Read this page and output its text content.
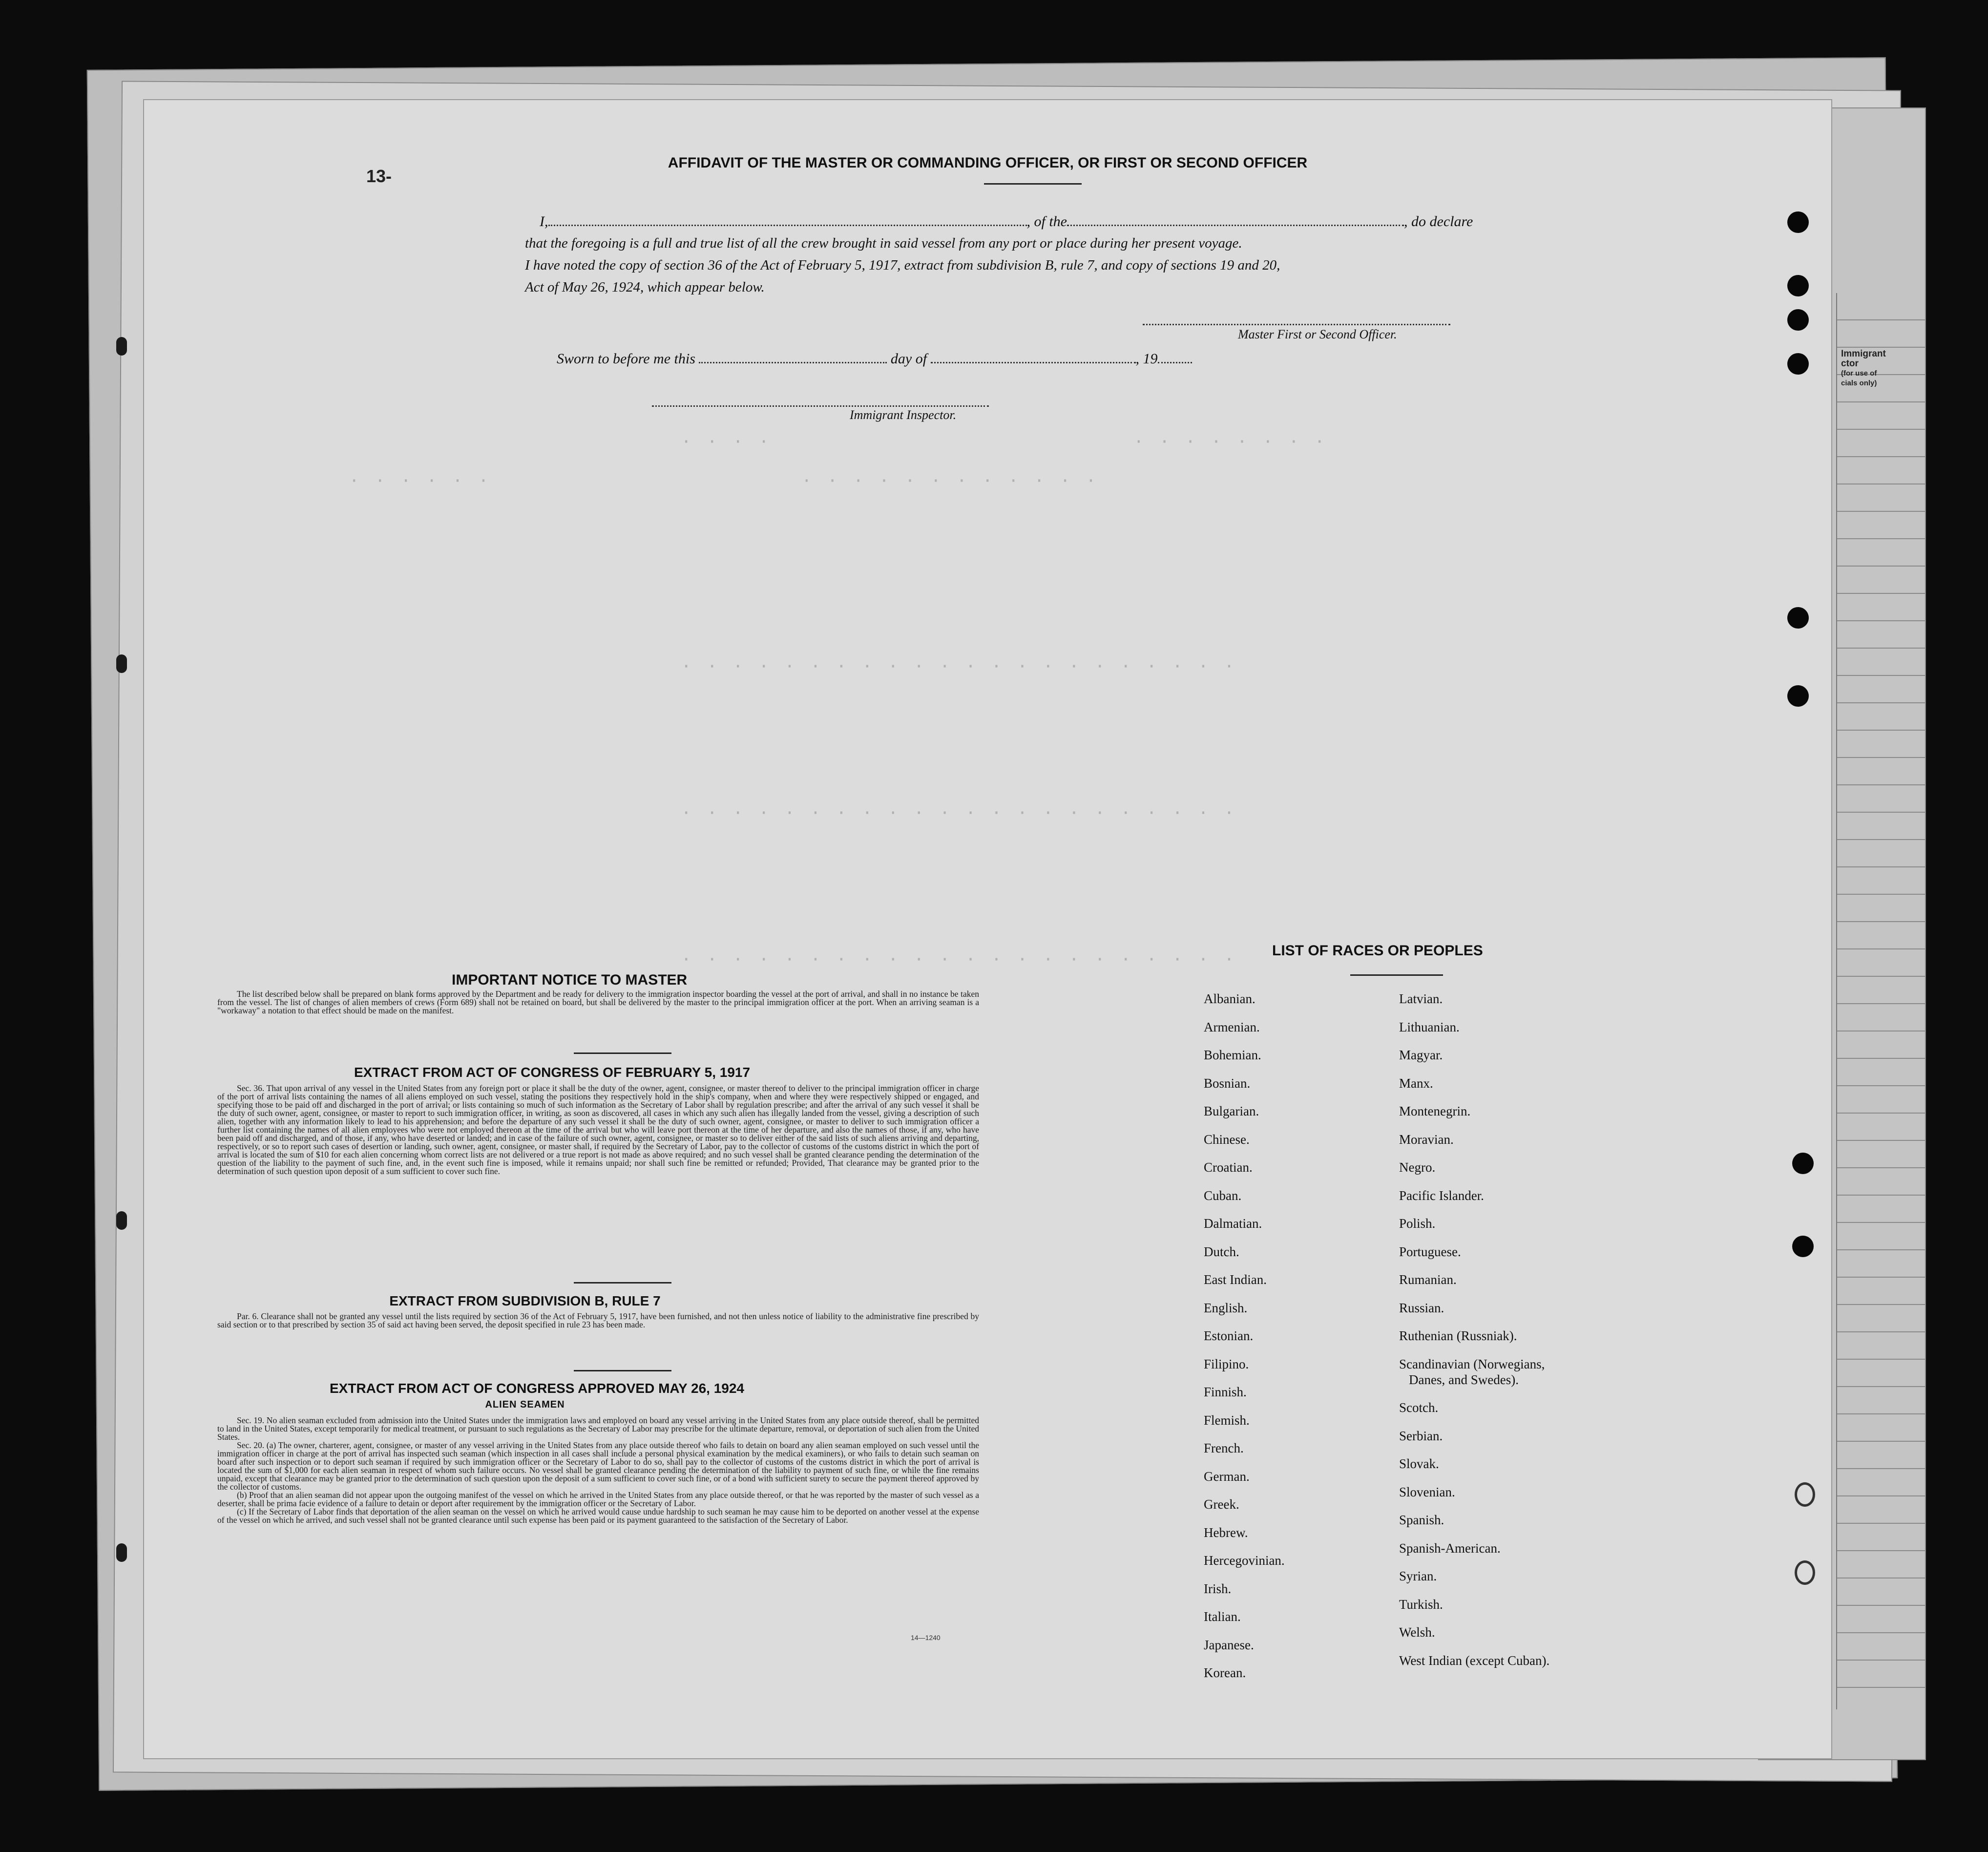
Immigrant
ctor
(for use of
cials only)
13-
AFFIDAVIT OF THE MASTER OR COMMANDING OFFICER, OR FIRST OR SECOND OFFICER
I,	, of the	, do declare
that the foregoing is a full and true list of all the crew brought in said vessel from any port or place during her present voyage.
I have noted the copy of section 36 of the Act of February 5, 1917, extract from subdivision B, rule 7, and copy of sections 19 and 20,
Act of May 26, 1924, which appear below.
Master First or Second Officer.
Sworn to before me this	day of	, 19
Immigrant Inspector.
· · · ·                            · · · · · · · ·
· · · · · ·                        · · · · · · · · · · · ·
· · · · · · · · · · · · · · · · · · · · · ·
· · · · · · · · · · · · · · · · · · · · · ·
· · · · · · · · · · · · · · · · · · · · · ·
IMPORTANT NOTICE TO MASTER

The list described below shall be prepared on blank forms approved by the Department and be ready for delivery to the immigration inspector boarding the vessel at the port of arrival, and shall in no instance be taken from the vessel. The list of changes of alien members of crews (Form 689) shall not be retained on board, but shall be delivered by the master to the principal immigration officer at the port. When an arriving seaman is a "workaway" a notation to that effect should be made on the manifest.

EXTRACT FROM ACT OF CONGRESS OF FEBRUARY 5, 1917

Sec. 36. That upon arrival of any vessel in the United States from any foreign port or place it shall be the duty of the owner, agent, consignee, or master thereof to deliver to the principal immigration officer in charge of the port of arrival lists containing the names of all aliens employed on such vessel, stating the positions they respectively hold in the ship's company, when and where they were respectively shipped or engaged, and specifying those to be paid off and discharged in the port of arrival; or lists containing so much of such information as the Secretary of Labor shall by regulation prescribe; and after the arrival of any such vessel it shall be the duty of such owner, agent, consignee, or master to report to such immigration officer, in writing, as soon as discovered, all cases in which any such alien has illegally landed from the vessel, giving a description of such alien, together with any information likely to lead to his apprehension; and before the departure of any such vessel it shall be the duty of such owner, agent, consignee, or master to deliver to such immigration officer a further list containing the names of all alien employees who were not employed thereon at the time of the arrival but who will leave port thereon at the time of her departure, and also the names of those, if any, who have been paid off and discharged, and of those, if any, who have deserted or landed; and in case of the failure of such owner, agent, consignee, or master so to deliver either of the said lists of such aliens arriving and departing, respectively, or so to report such cases of desertion or landing, such owner, agent, consignee, or master shall, if required by the Secretary of Labor, pay to the collector of customs of the customs district in which the port of arrival is located the sum of $10 for each alien concerning whom correct lists are not delivered or a true report is not made as above required; and no such vessel shall be granted clearance pending the determination of the question of the liability to the payment of such fine, and, in the event such fine is imposed, while it remains unpaid; nor shall such fine be remitted or refunded; Provided, That clearance may be granted prior to the determination of such question upon deposit of a sum sufficient to cover such fine.

EXTRACT FROM SUBDIVISION B, RULE 7

Par. 6. Clearance shall not be granted any vessel until the lists required by section 36 of the Act of February 5, 1917, have been furnished, and not then unless notice of liability to the administrative fine prescribed by said section or to that prescribed by section 35 of said act having been served, the deposit specified in rule 23 has been made.

EXTRACT FROM ACT OF CONGRESS APPROVED MAY 26, 1924
ALIEN SEAMEN

Sec. 19. No alien seaman excluded from admission into the United States under the immigration laws and employed on board any vessel arriving in the United States from any place outside thereof, shall be permitted to land in the United States, except temporarily for medical treatment, or pursuant to such regulations as the Secretary of Labor may prescribe for the ultimate departure, removal, or deportation of such alien from the United States.

Sec. 20. (a) The owner, charterer, agent, consignee, or master of any vessel arriving in the United States from any place outside thereof who fails to detain on board any alien seaman employed on such vessel until the immigration officer in charge at the port of arrival has inspected such seaman (which inspection in all cases shall include a personal physical examination by the medical examiners), or who fails to detain such seaman on board after such inspection or to deport such seaman if required by such immigration officer or the Secretary of Labor to do so, shall pay to the collector of customs of the customs district in which the port of arrival is located the sum of $1,000 for each alien seaman in respect of whom such failure occurs. No vessel shall be granted clearance pending the determination of the liability to payment of such fine, or while the fine remains unpaid, except that clearance may be granted prior to the determination of such question upon the deposit of a sum sufficient to cover such fine, or of a bond with sufficient surety to secure the payment thereof approved by the collector of customs.

(b) Proof that an alien seaman did not appear upon the outgoing manifest of the vessel on which he arrived in the United States from any place outside thereof, or that he was reported by the master of such vessel as a deserter, shall be prima facie evidence of a failure to detain or deport after requirement by the immigration officer or the Secretary of Labor.

(c) If the Secretary of Labor finds that deportation of the alien seaman on the vessel on which he arrived would cause undue hardship to such seaman he may cause him to be deported on another vessel at the expense of the vessel on which he arrived, and such vessel shall not be granted clearance until such expense has been paid or its payment guaranteed to the satisfaction of the Secretary of Labor.

14—1240
LIST OF RACES OR PEOPLES
Albanian.
Armenian.
Bohemian.
Bosnian.
Bulgarian.
Chinese.
Croatian.
Cuban.
Dalmatian.
Dutch.
East Indian.
English.
Estonian.
Filipino.
Finnish.
Flemish.
French.
German.
Greek.
Hebrew.
Hercegovinian.
Irish.
Italian.
Japanese.
Korean.
Latvian.
Lithuanian.
Magyar.
Manx.
Montenegrin.
Moravian.
Negro.
Pacific Islander.
Polish.
Portuguese.
Rumanian.
Russian.
Ruthenian (Russniak).
Scandinavian (Norwegians,
Danes, and Swedes).
Scotch.
Serbian.
Slovak.
Slovenian.
Spanish.
Spanish-American.
Syrian.
Turkish.
Welsh.
West Indian (except Cuban).
